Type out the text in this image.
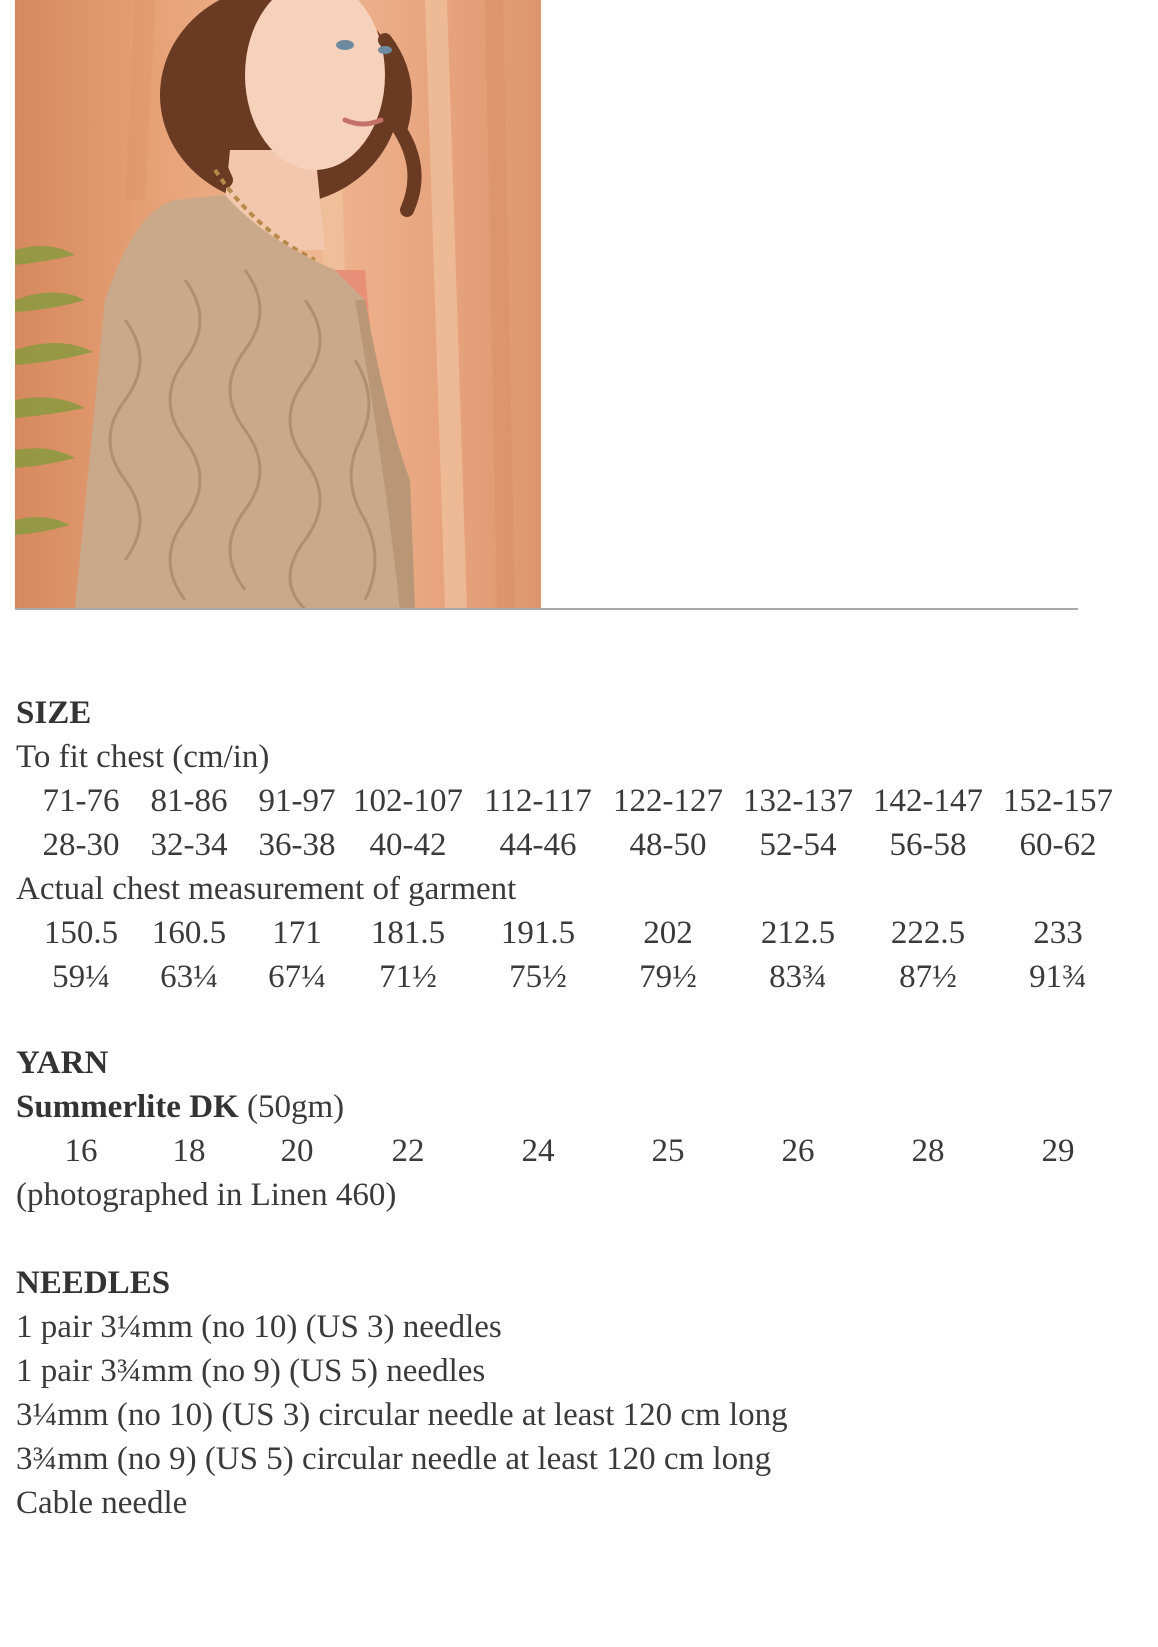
SIZE
To fit chest (cm/in)
71-76 81-86 91-97 102-107 112-117 122-127 132-137 142-147 152-157
28-30 32-34 36-38	40-42	44-46	48-50	52-54	56-58	60-62
Actual chest measurement of garment
150.5	160.5	171	181.5	191.5	202	212.5	222.5	233
59¼	63¼	67¼	71½	75½	79½	83¾	87½	91¾
YARN
Summerlite DK (50gm)
16	18	20	22	24	25	26	28	29
(photographed in Linen 460)
NEEDLES
1 pair 3¼mm (no 10) (US 3) needles
1 pair 3¾mm (no 9) (US 5) needles
3¼mm (no 10) (US 3) circular needle at least 120 cm long
3¾mm (no 9) (US 5) circular needle at least 120 cm long
Cable needle
